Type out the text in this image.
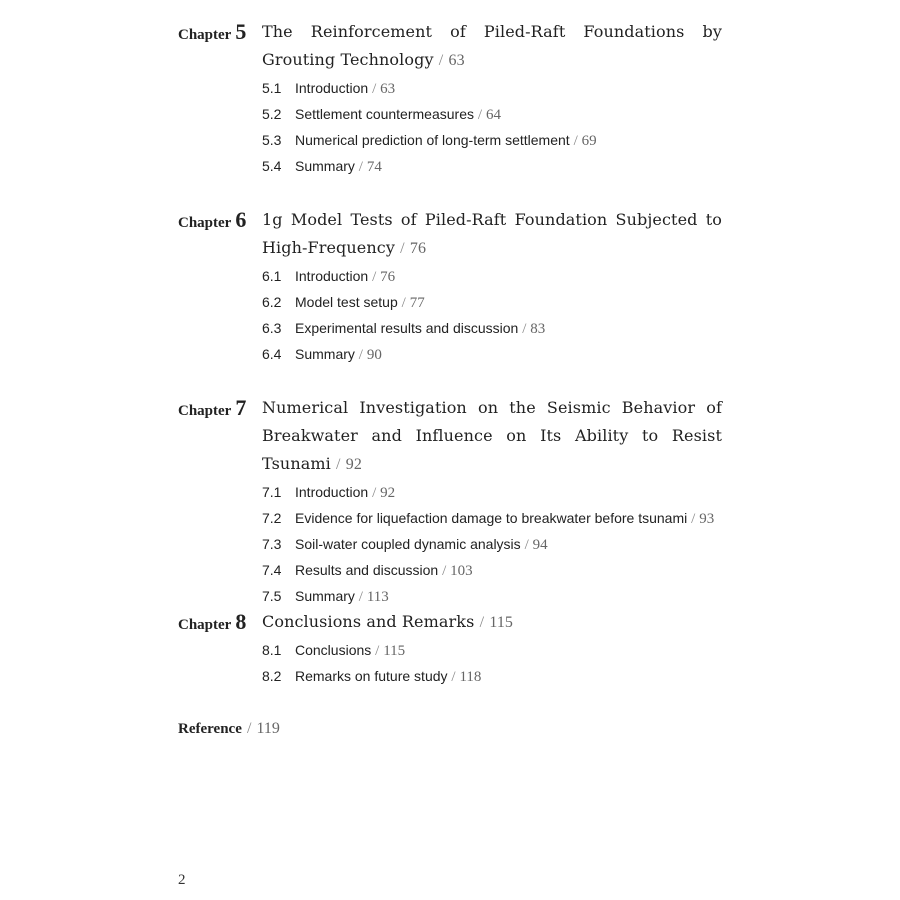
Chapter 5 The Reinforcement of Piled-Raft Foundations by Grouting Technology / 63
5.1 Introduction / 63
5.2 Settlement countermeasures / 64
5.3 Numerical prediction of long-term settlement / 69
5.4 Summary / 74
Chapter 6 1g Model Tests of Piled-Raft Foundation Subjected to High-Frequency / 76
6.1 Introduction / 76
6.2 Model test setup / 77
6.3 Experimental results and discussion / 83
6.4 Summary / 90
Chapter 7 Numerical Investigation on the Seismic Behavior of Breakwater and Influence on Its Ability to Resist Tsunami / 92
7.1 Introduction / 92
7.2 Evidence for liquefaction damage to breakwater before tsunami / 93
7.3 Soil-water coupled dynamic analysis / 94
7.4 Results and discussion / 103
7.5 Summary / 113
Chapter 8 Conclusions and Remarks / 115
8.1 Conclusions / 115
8.2 Remarks on future study / 118
Reference / 119
2
